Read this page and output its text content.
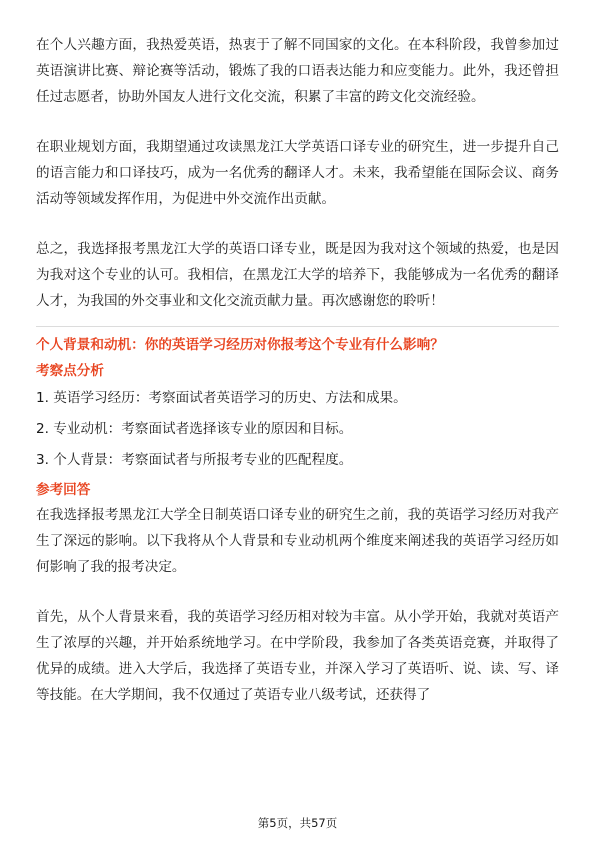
在个人兴趣方面，我热爱英语，热衷于了解不同国家的文化。在本科阶段，我曾参加过英语演讲比赛、辩论赛等活动，锻炼了我的口语表达能力和应变能力。此外，我还曾担任过志愿者，协助外国友人进行文化交流，积累了丰富的跨文化交流经验。

在职业规划方面，我期望通过攻读黑龙江大学英语口译专业的研究生，进一步提升自己的语言能力和口译技巧，成为一名优秀的翻译人才。未来，我希望能在国际会议、商务活动等领域发挥作用，为促进中外交流作出贡献。

总之，我选择报考黑龙江大学的英语口译专业，既是因为我对这个领域的热爱，也是因为我对这个专业的认可。我相信，在黑龙江大学的培养下，我能够成为一名优秀的翻译人才，为我国的外交事业和文化交流贡献力量。再次感谢您的聆听！

个人背景和动机：你的英语学习经历对你报考这个专业有什么影响？

考察点分析

1. 英语学习经历：考察面试者英语学习的历史、方法和成果。

2. 专业动机：考察面试者选择该专业的原因和目标。

3. 个人背景：考察面试者与所报考专业的匹配程度。

参考回答

在我选择报考黑龙江大学全日制英语口译专业的研究生之前，我的英语学习经历对我产生了深远的影响。以下我将从个人背景和专业动机两个维度来阐述我的英语学习经历如何影响了我的报考决定。

首先，从个人背景来看，我的英语学习经历相对较为丰富。从小学开始，我就对英语产生了浓厚的兴趣，并开始系统地学习。在中学阶段，我参加了各类英语竞赛，并取得了优异的成绩。进入大学后，我选择了英语专业，并深入学习了英语听、说、读、写、译等技能。在大学期间，我不仅通过了英语专业八级考试，还获得了

第5页，共57页
